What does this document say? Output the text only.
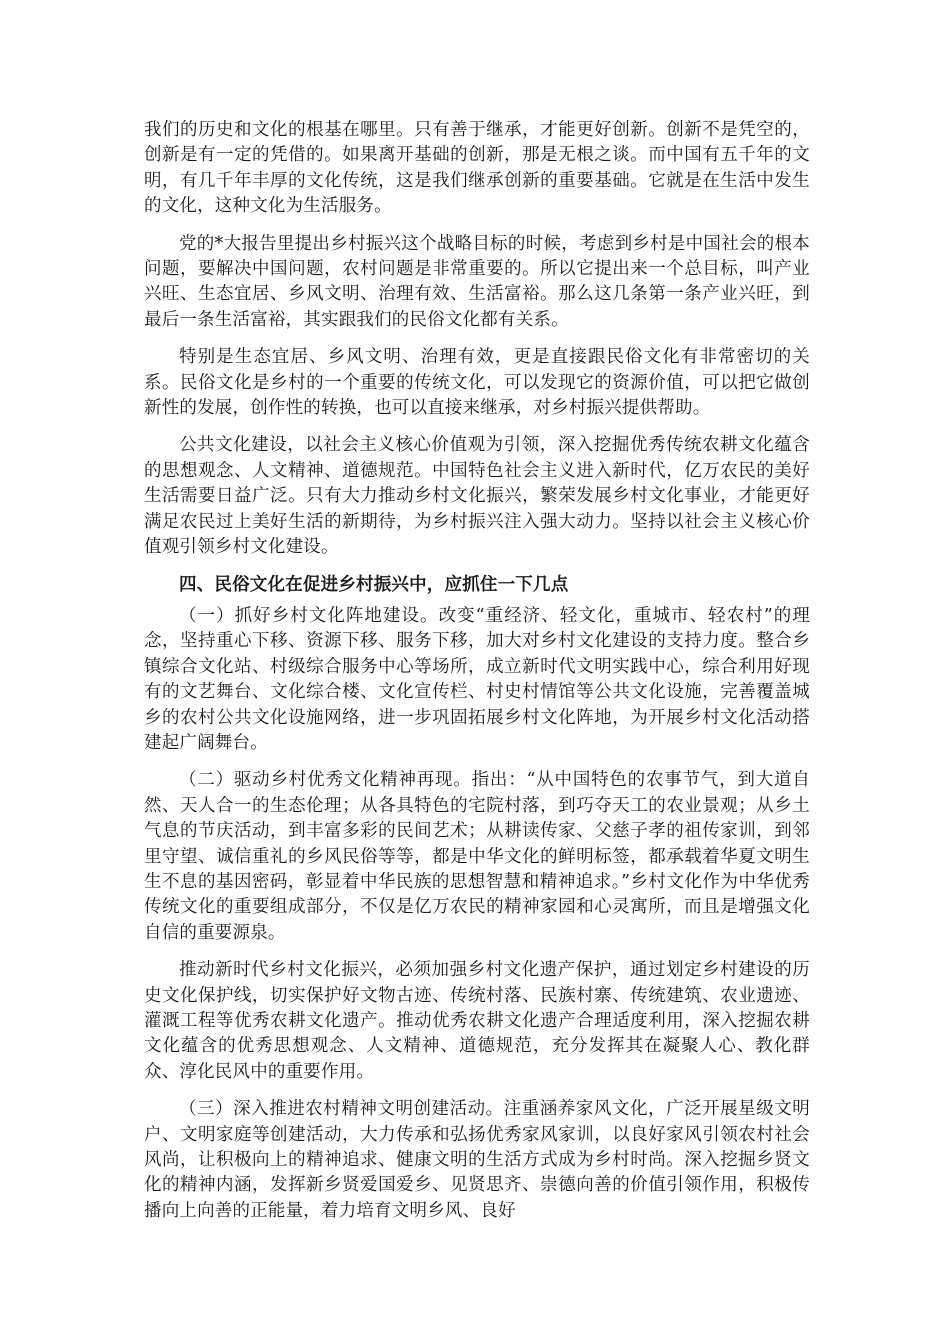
我们的历史和文化的根基在哪里。只有善于继承，才能更好创新。创新不是凭空的，创新是有一定的凭借的。如果离开基础的创新，那是无根之谈。而中国有五千年的文明，有几千年丰厚的文化传统，这是我们继承创新的重要基础。它就是在生活中发生的文化，这种文化为生活服务。

党的*大报告里提出乡村振兴这个战略目标的时候，考虑到乡村是中国社会的根本问题，要解决中国问题，农村问题是非常重要的。所以它提出来一个总目标，叫产业兴旺、生态宜居、乡风文明、治理有效、生活富裕。那么这几条第一条产业兴旺，到最后一条生活富裕，其实跟我们的民俗文化都有关系。

特别是生态宜居、乡风文明、治理有效，更是直接跟民俗文化有非常密切的关系。民俗文化是乡村的一个重要的传统文化，可以发现它的资源价值，可以把它做创新性的发展，创作性的转换，也可以直接来继承，对乡村振兴提供帮助。

公共文化建设，以社会主义核心价值观为引领，深入挖掘优秀传统农耕文化蕴含的思想观念、人文精神、道德规范。中国特色社会主义进入新时代，亿万农民的美好生活需要日益广泛。只有大力推动乡村文化振兴，繁荣发展乡村文化事业，才能更好满足农民过上美好生活的新期待，为乡村振兴注入强大动力。坚持以社会主义核心价值观引领乡村文化建设。

四、民俗文化在促进乡村振兴中，应抓住一下几点

（一）抓好乡村文化阵地建设。改变“重经济、轻文化，重城市、轻农村”的理念，坚持重心下移、资源下移、服务下移，加大对乡村文化建设的支持力度。整合乡镇综合文化站、村级综合服务中心等场所，成立新时代文明实践中心，综合利用好现有的文艺舞台、文化综合楼、文化宣传栏、村史村情馆等公共文化设施，完善覆盖城乡的农村公共文化设施网络，进一步巩固拓展乡村文化阵地，为开展乡村文化活动搭建起广阔舞台。

（二）驱动乡村优秀文化精神再现。指出：“从中国特色的农事节气，到大道自然、天人合一的生态伦理；从各具特色的宅院村落，到巧夺天工的农业景观；从乡土气息的节庆活动，到丰富多彩的民间艺术；从耕读传家、父慈子孝的祖传家训，到邻里守望、诚信重礼的乡风民俗等等，都是中华文化的鲜明标签，都承载着华夏文明生生不息的基因密码，彰显着中华民族的思想智慧和精神追求。”乡村文化作为中华优秀传统文化的重要组成部分，不仅是亿万农民的精神家园和心灵寓所，而且是增强文化自信的重要源泉。

推动新时代乡村文化振兴，必须加强乡村文化遗产保护，通过划定乡村建设的历史文化保护线，切实保护好文物古迹、传统村落、民族村寨、传统建筑、农业遗迹、灌溉工程等优秀农耕文化遗产。推动优秀农耕文化遗产合理适度利用，深入挖掘农耕文化蕴含的优秀思想观念、人文精神、道德规范，充分发挥其在凝聚人心、教化群众、淳化民风中的重要作用。

（三）深入推进农村精神文明创建活动。注重涵养家风文化，广泛开展星级文明户、文明家庭等创建活动，大力传承和弘扬优秀家风家训，以良好家风引领农村社会风尚，让积极向上的精神追求、健康文明的生活方式成为乡村时尚。深入挖掘乡贤文化的精神内涵，发挥新乡贤爱国爱乡、见贤思齐、崇德向善的价值引领作用，积极传播向上向善的正能量，着力培育文明乡风、良好
